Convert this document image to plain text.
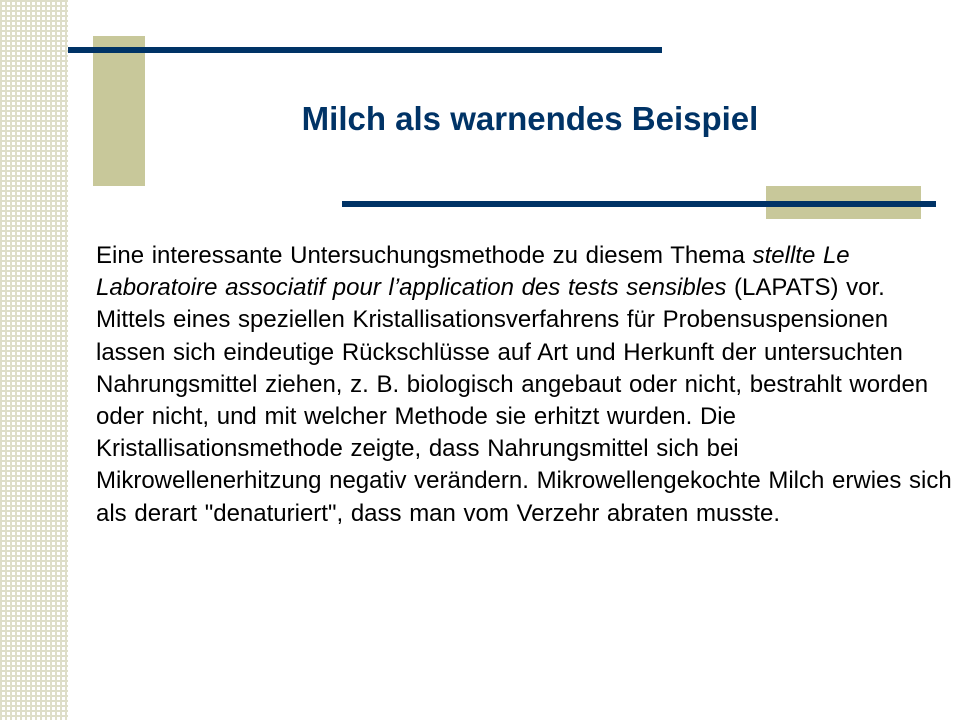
Milch als warnendes Beispiel

Eine interessante Untersuchungsmethode zu diesem Thema stellte Le Laboratoire associatif pour l’application des tests sensibles (LAPATS) vor. Mittels eines speziellen Kristallisationsverfahrens für Probensuspensionen lassen sich eindeutige Rückschlüsse auf Art und Herkunft der untersuchten Nahrungsmittel ziehen, z. B. biologisch angebaut oder nicht, bestrahlt worden oder nicht, und mit welcher Methode sie erhitzt wurden. Die Kristallisationsmethode zeigte, dass Nahrungsmittel sich bei Mikrowellenerhitzung negativ verändern. Mikrowellengekochte Milch erwies sich als derart "denaturiert", dass man vom Verzehr abraten musste.
